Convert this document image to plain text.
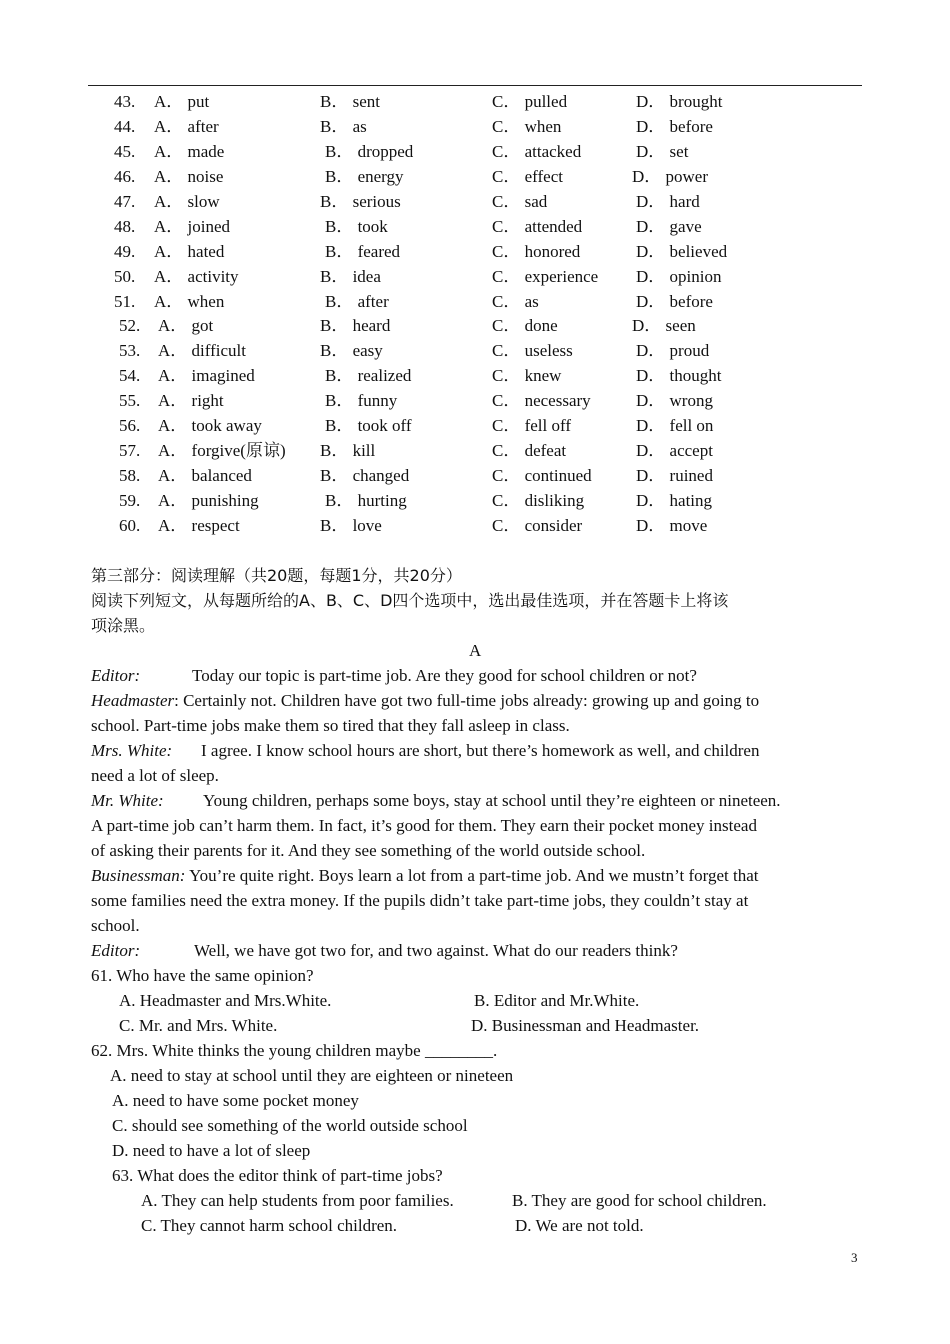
43. A． put	B． sent	C． pulled	D． brought
44. A． after	B． as	C． when	D． before
45. A． made	B． dropped	C． attacked	D． set
46. A． noise	B． energy	C． effect	D． power
47. A． slow	B． serious	C． sad	D． hard
48. A． joined	B． took	C． attended	D． gave
49. A． hated	B． feared	C． honored	D． believed
50. A． activity	B． idea	C． experience D． opinion
51. A． when	B． after	C． as	D． before
52. A． got	B． heard	C． done	D． seen
53. A． difficult	B． easy	C． useless	D． proud
54. A． imagined	B． realized	C． knew	D． thought
55. A． right	B． funny	C． necessary	D． wrong
56. A． took away	B． took off	C． fell off	D． fell on
57. A． forgive(原谅) B． kill	C． defeat	D． accept
58. A． balanced	B． changed	C． continued	D． ruined
59. A． punishing	B． hurting	C． disliking	D． hating
60. A． respect	B． love	C． consider	D． move
第三部分：阅读理解（共20题，每题1分，共20分）
阅读下列短文，从每题所给的A、B、C、D四个选项中，选出最佳选项，并在答题卡上将该
项涂黑。
A
Editor:	Today our topic is part-time job. Are they good for school children or not?
Headmaster: Certainly not. Children have got two full-time jobs already: growing up and going to
school. Part-time jobs make them so tired that they fall asleep in class.
Mrs. White: I agree. I know school hours are short, but there’s homework as well, and children
need a lot of sleep.
Mr. White: Young children, perhaps some boys, stay at school until they’re eighteen or nineteen.
A part-time job can’t harm them. In fact, it’s good for them. They earn their pocket money instead
of asking their parents for it. And they see something of the world outside school.
Businessman: You’re quite right. Boys learn a lot from a part-time job. And we mustn’t forget that
some families need the extra money. If the pupils didn’t take part-time jobs, they couldn’t stay at
school.
Editor:	Well, we have got two for, and two against. What do our readers think?
61. Who have the same opinion?
A. Headmaster and Mrs.White.	B. Editor and Mr.White.
C. Mr. and Mrs. White.	D. Businessman and Headmaster.
62. Mrs. White thinks the young children maybe ________.
A. need to stay at school until they are eighteen or nineteen
A. need to have some pocket money
C. should see something of the world outside school
D. need to have a lot of sleep
63. What does the editor think of part-time jobs?
A. They can help students from poor families.	B. They are good for school children.
C. They cannot harm school children.	D. We are not told.
3
